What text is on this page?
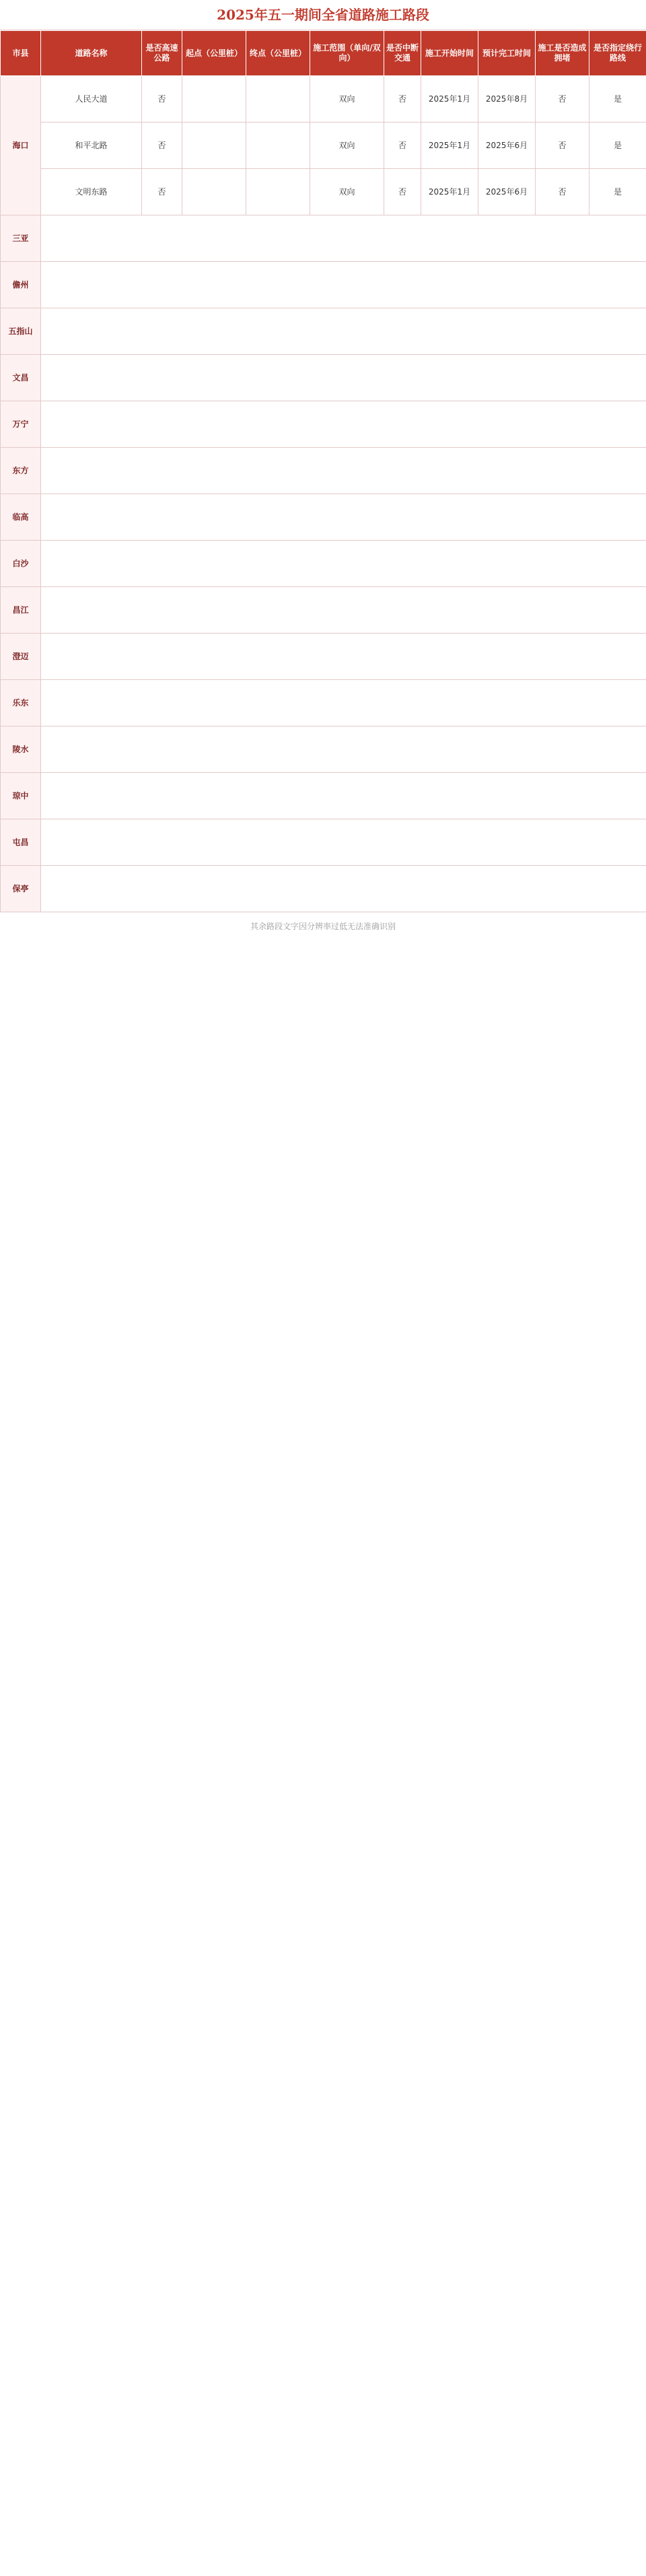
2025年五一期间全省道路施工路段
市县	道路名称	是否高速公路	起点（公里桩）	终点（公里桩）	施工范围（单向/双向）	是否中断交通	施工开始时间	预计完工时间	施工是否造成拥堵	是否指定绕行路线
海口	人民大道	否			双向	否	2025年1月	2025年8月	否	是
	和平北路	否			双向	否	2025年1月	2025年6月	否	是
	文明东路	否			双向	否	2025年1月	2025年6月	否	是
三亚										
儋州										
五指山										
文昌										
万宁										
东方										
临高										
白沙										
昌江										
澄迈										
乐东										
陵水										
琼中										
屯昌										
保亭										
其余路段文字因分辨率过低无法准确识别
